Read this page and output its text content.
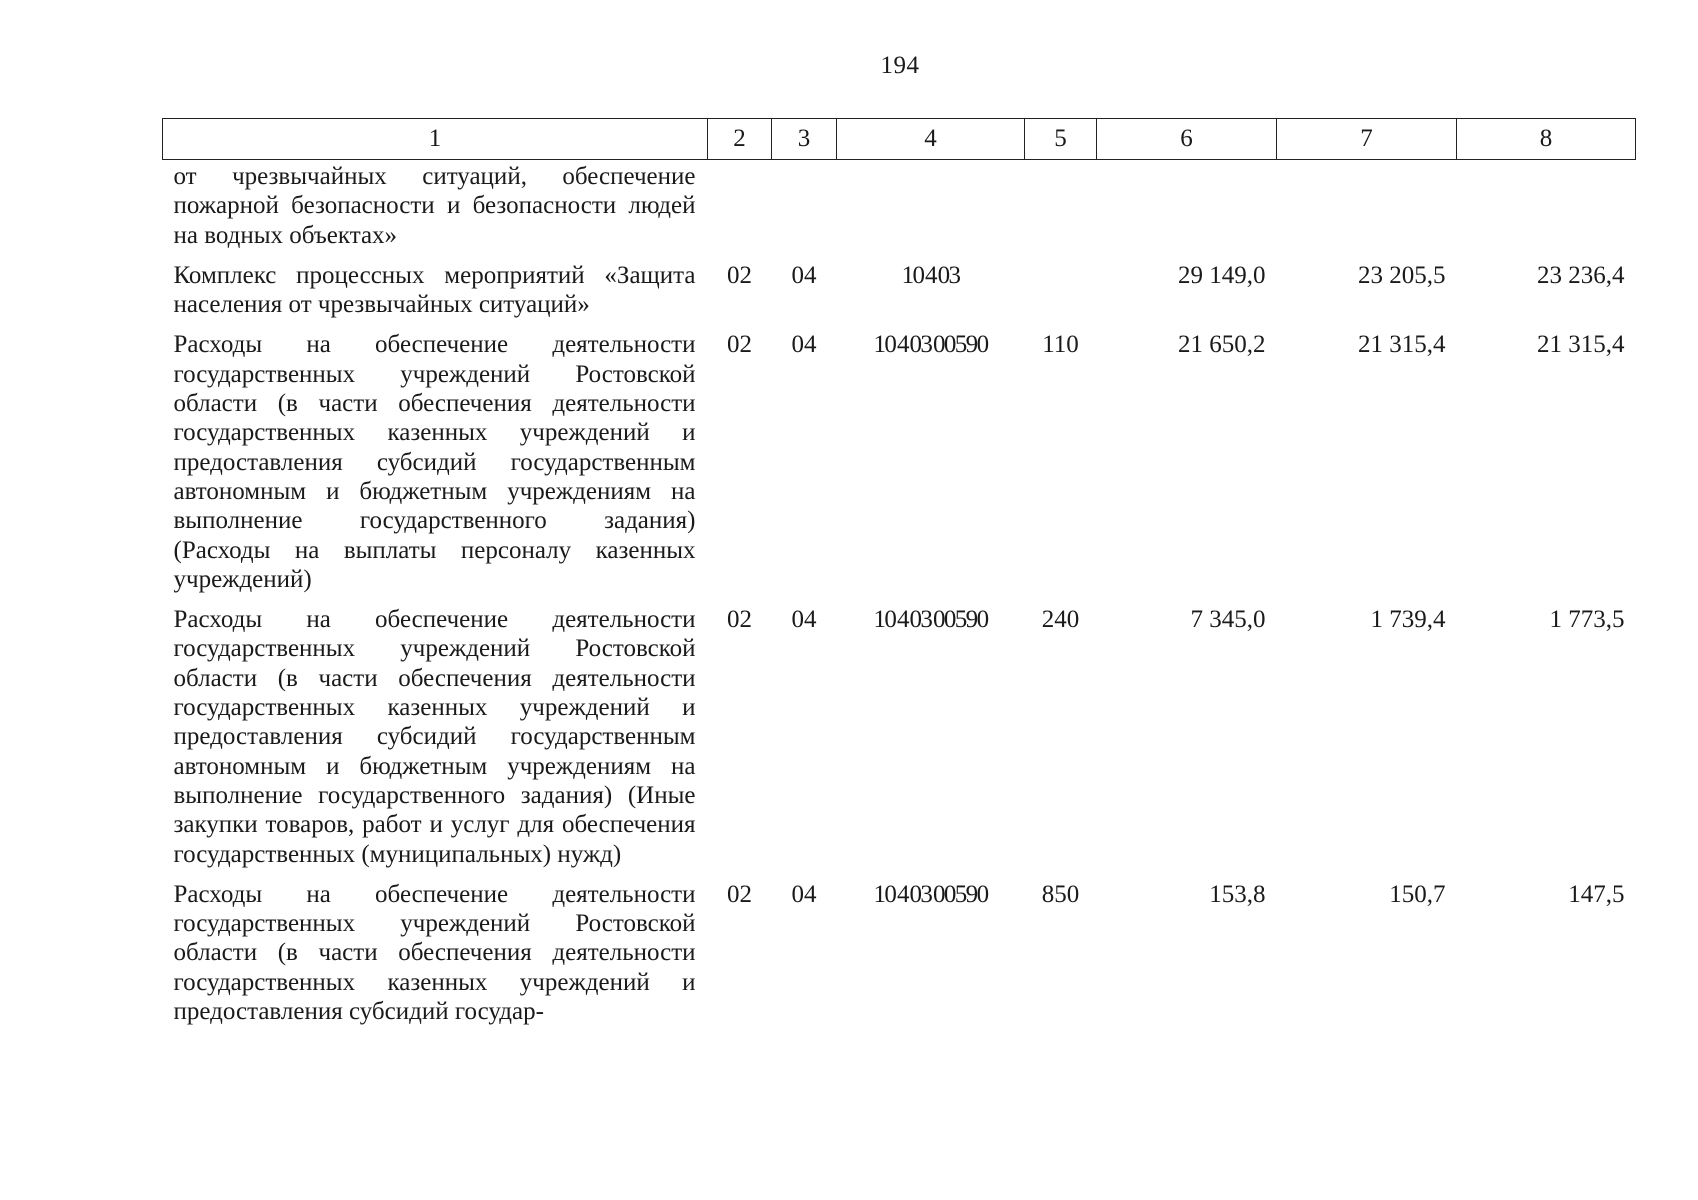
194
1	2	3	4	5	6	7	8
от чрезвычайных ситуаций, обеспечение пожарной безопасности и безопасности людей на водных объектах»							
Комплекс процессных мероприятий «Защита населения от чрезвычайных ситуаций»	02	04	10 4 03		29 149,0	23 205,5	23 236,4
Расходы на обеспечение деятельности государственных учреждений Ростовской области (в части обеспечения деятельности государственных казенных учреждений и предоставления субсидий государственным автономным и бюджетным учреждениям на выполнение государственного задания) (Расходы на выплаты персоналу казенных учреждений)	02	04	10 4 03 00590	110	21 650,2	21 315,4	21 315,4
Расходы на обеспечение деятельности государственных учреждений Ростовской области (в части обеспечения деятельности государственных казенных учреждений и предоставления субсидий государственным автономным и бюджетным учреждениям на выполнение государственного задания) (Иные закупки товаров, работ и услуг для обеспечения государственных (муниципальных) нужд)	02	04	10 4 03 00590	240	7 345,0	1 739,4	1 773,5
Расходы на обеспечение деятельности государственных учреждений Ростовской области (в части обеспечения деятельности государственных казенных учреждений и предоставления субсидий государ-	02	04	10 4 03 00590	850	153,8	150,7	147,5
